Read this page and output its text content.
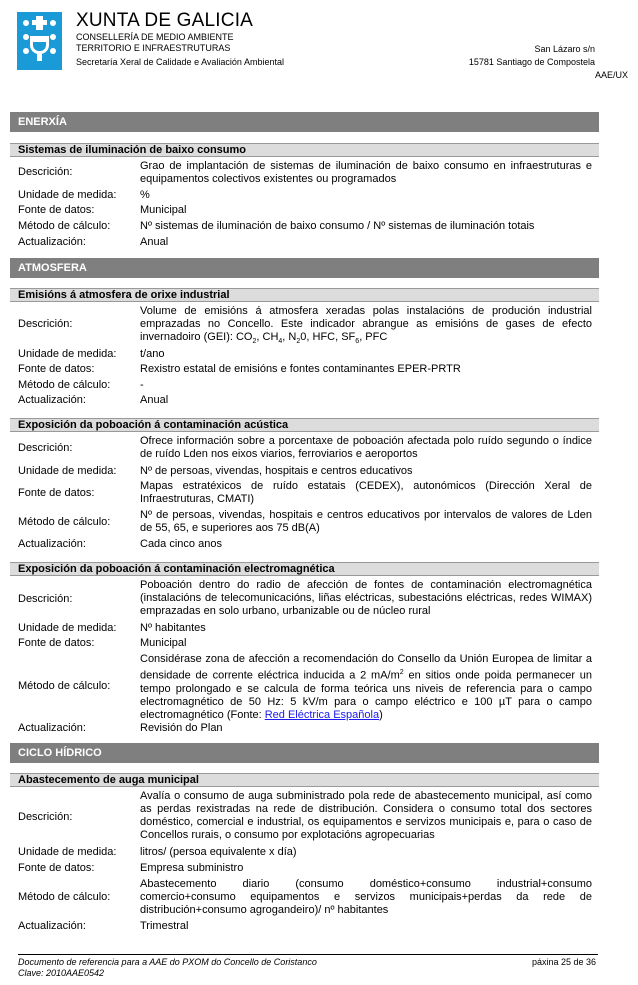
XUNTA DE GALICIA
CONSELLERÍA DE MEDIO AMBIENTE
TERRITORIO E INFRAESTRUTURAS
Secretaría Xeral de Calidade e Avaliación Ambiental
San Lázaro s/n
15781 Santiago de Compostela
AAE/UX
ENERXÍA
Sistemas de iluminación de baixo consumo
Descrición:	Grao de implantación de sistemas de iluminación de baixo consumo en infraestruturas e equipamentos colectivos existentes ou programados
Unidade de medida: %
Fonte de datos:	Municipal
Método de cálculo:	Nº sistemas de iluminación de baixo consumo / Nº sistemas de iluminación totais
Actualización:	Anual
ATMOSFERA
Emisións á atmosfera de orixe industrial
Descrición:
Volume de emisións á atmosfera xeradas polas instalacións de produción industrial emprazadas no Concello. Este indicador abrangue as emisións de gases de efecto invernadoiro (GEI): $CO_2$, $CH_4$, $N_20$, HFC, $SF_6$, PFC
Unidade de medida: t/ano
Fonte de datos:	Rexistro estatal de emisións e fontes contaminantes EPER-PRTR
Método de cálculo:	-
Actualización:	Anual
Exposición da poboación á contaminación acústica
Descrición:
Ofrece información sobre a porcentaxe de poboación afectada polo ruído segundo o índice de ruído Lden nos eixos viarios, ferroviarios e aeroportos
Unidade de medida: Nº de persoas, vivendas, hospitais e centros educativos
Fonte de datos:
Mapas estratéxicos de ruído estatais (CEDEX), autonómicos (Dirección Xeral de Infraestruturas, CMATI)
Método de cálculo:
Nº de persoas, vivendas, hospitais e centros educativos por intervalos de valores de Lden de 55, 65, e superiores aos 75 dB(A)
Actualización:	Cada cinco anos
Exposición da poboación á contaminación electromagnética
Descrición:
Poboación dentro do radio de afección de fontes de contaminación electromagnética (instalacións de telecomunicacións, liñas eléctricas, subestacións eléctricas, redes WIMAX) emprazadas en solo urbano, urbanizable ou de núcleo rural
Unidade de medida: Nº habitantes
Fonte de datos:	Municipal
Método de cálculo:
Considérase zona de afección a recomendación do Consello da Unión Europea de limitar a densidade de corrente eléctrica inducida a 2 $mA/m^2$ en sitios onde poida permanecer un tempo prolongado e se calcula de forma teórica uns niveis de referencia para o campo electromagnético de 50 Hz: 5 kV/m para o campo eléctrico e 100 µT para o campo electromagnético (Fonte: Red Eléctrica Española)
Actualización:	Revisión do Plan
CICLO HÍDRICO
Abastecemento de auga municipal
Descrición:
Avalía o consumo de auga subministrado pola rede de abastecemento municipal, así como as perdas rexistradas na rede de distribución. Considera o consumo total dos sectores doméstico, comercial e industrial, os equipamentos e servizos municipais e, para o caso de Concellos rurais, o consumo por explotacións agropecuarias
Unidade de medida: litros/ (persoa equivalente x día)
Fonte de datos:	Empresa subministro
Método de cálculo:
Abastecemento diario (consumo doméstico+consumo industrial+consumo comercio+consumo equipamentos e servizos municipais+perdas da rede de distribución+consumo agrogandeiro)/ nº habitantes
Actualización:	Trimestral
Documento de referencia para a AAE do PXOM do Concello de Coristanco
Clave: 2010AAE0542
páxina 25 de 36
